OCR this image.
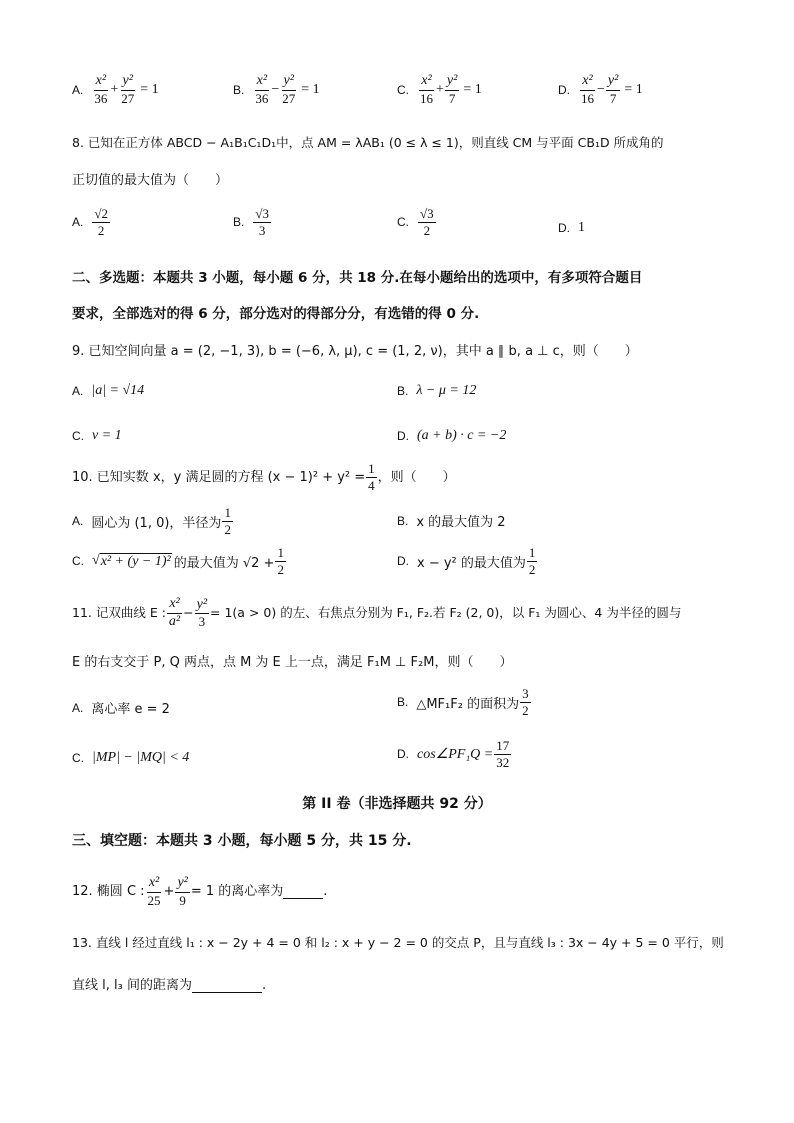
A. $\frac{\text{x²}}{36} + \frac{\text{y²}}{27} = 1$	B. $\frac{\text{x²}}{36} - \frac{\text{y²}}{27} = 1$	C. $\frac{\text{x²}}{16} + \frac{\text{y²}}{7} = 1$	D. $\frac{\text{x²}}{16} - \frac{\text{y²}}{7} = 1$
8. 已知在正方体 ABCD − A₁B₁C₁D₁中，点 AM = λAB₁ (0 ≤ λ ≤ 1)，则直线 CM 与平面 CB₁D 所成角的
正切值的最大值为（　　）
A. $\frac{√2}{2}$	B. $\frac{√3}{3}$	C. $\frac{√3}{2}$	D. 1
二、多选题：本题共 3 小题，每小题 6 分，共 18 分.在每小题给出的选项中，有多项符合题目
要求，全部选对的得 6 分，部分选对的得部分分，有选错的得 0 分.
9. 已知空间向量 a = (2, −1, 3), b = (−6, λ, μ), c = (1, 2, ν)，其中 a ∥ b, a ⊥ c，则（　　）
A. |a| = √14	B. λ − μ = 12
C. ν = 1	D. (a + b) · c = −2
10. 已知实数 x，y 满足圆的方程 $(x - 1)^2 + y^2 = \frac{1}{4}$ ，则（　　）
A. 圆心为 (1, 0)，半径为 $\frac{1}{2}$	B. x 的最大值为 2
C. √ x² + (y − 1)² 的最大值为 $√2 + \frac{1}{2}$	D. x − y² 的最大值为 $\frac{1}{2}$
11. 记双曲线 E : $\frac{\text{x²}}{\text{a²}} - \frac{\text{y²}}{3} = 1(a > 0)$ 的左、右焦点分别为 F₁, F₂.若 F₂ (2, 0)，以 F₁ 为圆心、4 为半径的圆与
E 的右支交于 P, Q 两点，点 M 为 E 上一点，满足 F₁M ⊥ F₂M，则（　　）
A. 离心率 e = 2	B. △MF₁F₂ 的面积为 $\frac{3}{2}$
C. |MP| − |MQ| < 4	D. cos∠PF₁Q = $\frac{17}{32}$
第 II 卷（非选择题共 92 分）
三、填空题：本题共 3 小题，每小题 5 分，共 15 分.
12. 椭圆 C : $\frac{\text{x²}}{25} + \frac{\text{y²}}{9} = 1$ 的离心率为	.
13. 直线 l 经过直线 l₁ : x − 2y + 4 = 0 和 l₂ : x + y − 2 = 0 的交点 P，且与直线 l₃ : 3x − 4y + 5 = 0 平行，则
直线 l, l₃ 间的距离为	.
